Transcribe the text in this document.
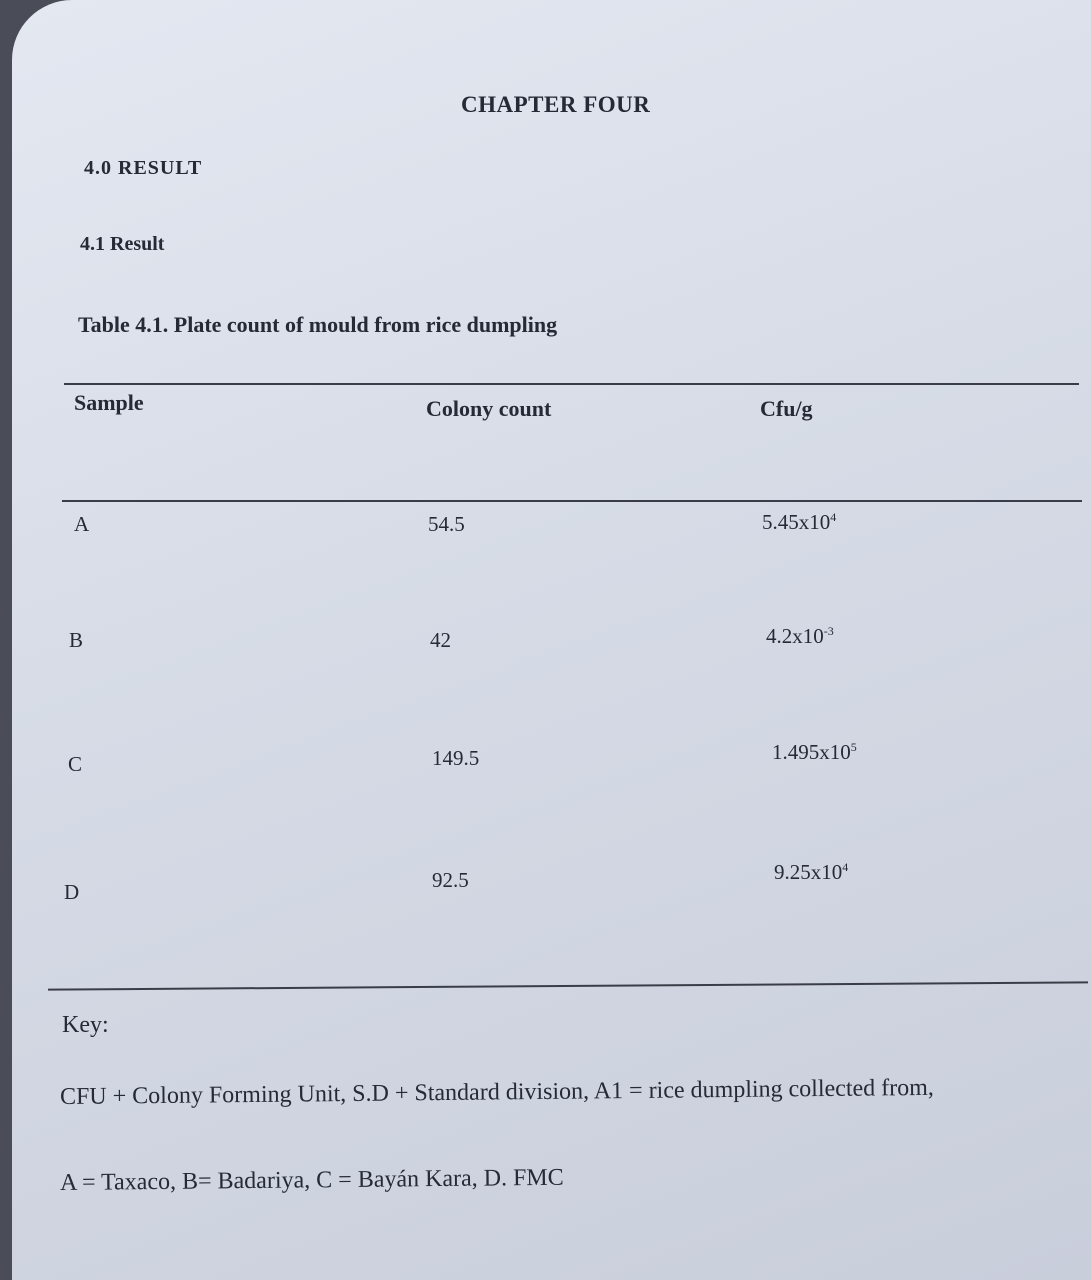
CHAPTER FOUR
4.0 RESULT
4.1 Result
Table 4.1. Plate count of mould from rice dumpling
Sample	Colony count	Cfu/g
A	54.5	$5.45x10^4$
B	42	$4.2x10^{-3}$
C	149.5	$1.495x10^5$
D	92.5	$9.25x10^4$
Key:
CFU + Colony Forming Unit, S.D + Standard division, A1 = rice dumpling collected from,
A = Taxaco, B= Badariya, C = Bayán Kara, D. FMC
